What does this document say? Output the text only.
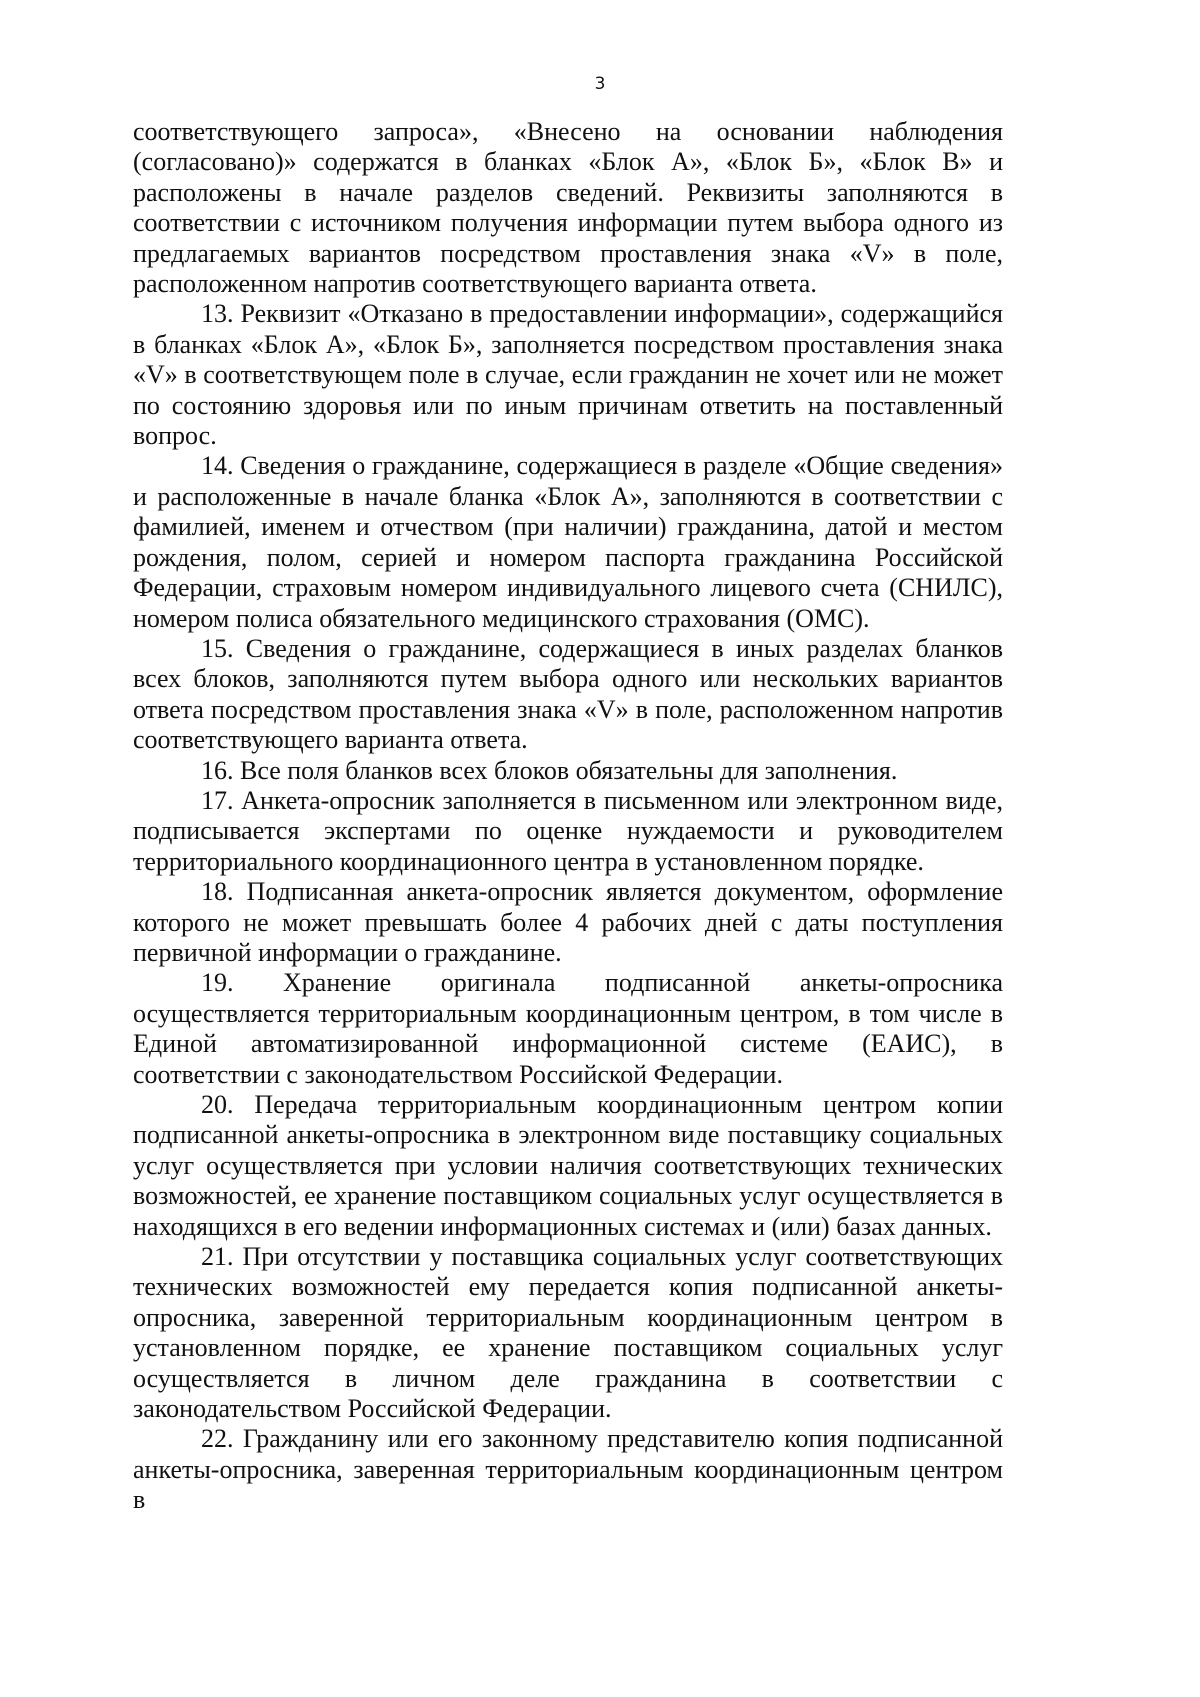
3

соответствующего запроса», «Внесено на основании наблюдения (согласовано)» содержатся в бланках «Блок А», «Блок Б», «Блок В» и расположены в начале разделов сведений. Реквизиты заполняются в соответствии с источником получения информации путем выбора одного из предлагаемых вариантов посредством проставления знака «V» в поле, расположенном напротив соответствующего варианта ответа.

13. Реквизит «Отказано в предоставлении информации», содержащийся в бланках «Блок А», «Блок Б», заполняется посредством проставления знака «V» в соответствующем поле в случае, если гражданин не хочет или не может по состоянию здоровья или по иным причинам ответить на поставленный вопрос.

14. Сведения о гражданине, содержащиеся в разделе «Общие сведения» и расположенные в начале бланка «Блок А», заполняются в соответствии с фамилией, именем и отчеством (при наличии) гражданина, датой и местом рождения, полом, серией и номером паспорта гражданина Российской Федерации, страховым номером индивидуального лицевого счета (СНИЛС), номером полиса обязательного медицинского страхования (ОМС).

15. Сведения о гражданине, содержащиеся в иных разделах бланков всех блоков, заполняются путем выбора одного или нескольких вариантов ответа посредством проставления знака «V» в поле, расположенном напротив соответствующего варианта ответа.

16. Все поля бланков всех блоков обязательны для заполнения.

17. Анкета-опросник заполняется в письменном или электронном виде, подписывается экспертами по оценке нуждаемости и руководителем территориального координационного центра в установленном порядке.

18. Подписанная анкета-опросник является документом, оформление которого не может превышать более 4 рабочих дней с даты поступления первичной информации о гражданине.

19. Хранение оригинала подписанной анкеты-опросника осуществляется территориальным координационным центром, в том числе в Единой автоматизированной информационной системе (ЕАИС), в соответствии с законодательством Российской Федерации.

20. Передача территориальным координационным центром копии подписанной анкеты-опросника в электронном виде поставщику социальных услуг осуществляется при условии наличия соответствующих технических возможностей, ее хранение поставщиком социальных услуг осуществляется в находящихся в его ведении информационных системах и (или) базах данных.

21. При отсутствии у поставщика социальных услуг соответствующих технических возможностей ему передается копия подписанной анкеты-опросника, заверенной территориальным координационным центром в установленном порядке, ее хранение поставщиком социальных услуг осуществляется в личном деле гражданина в соответствии с законодательством Российской Федерации.

22. Гражданину или его законному представителю копия подписанной анкеты-опросника, заверенная территориальным координационным центром в
